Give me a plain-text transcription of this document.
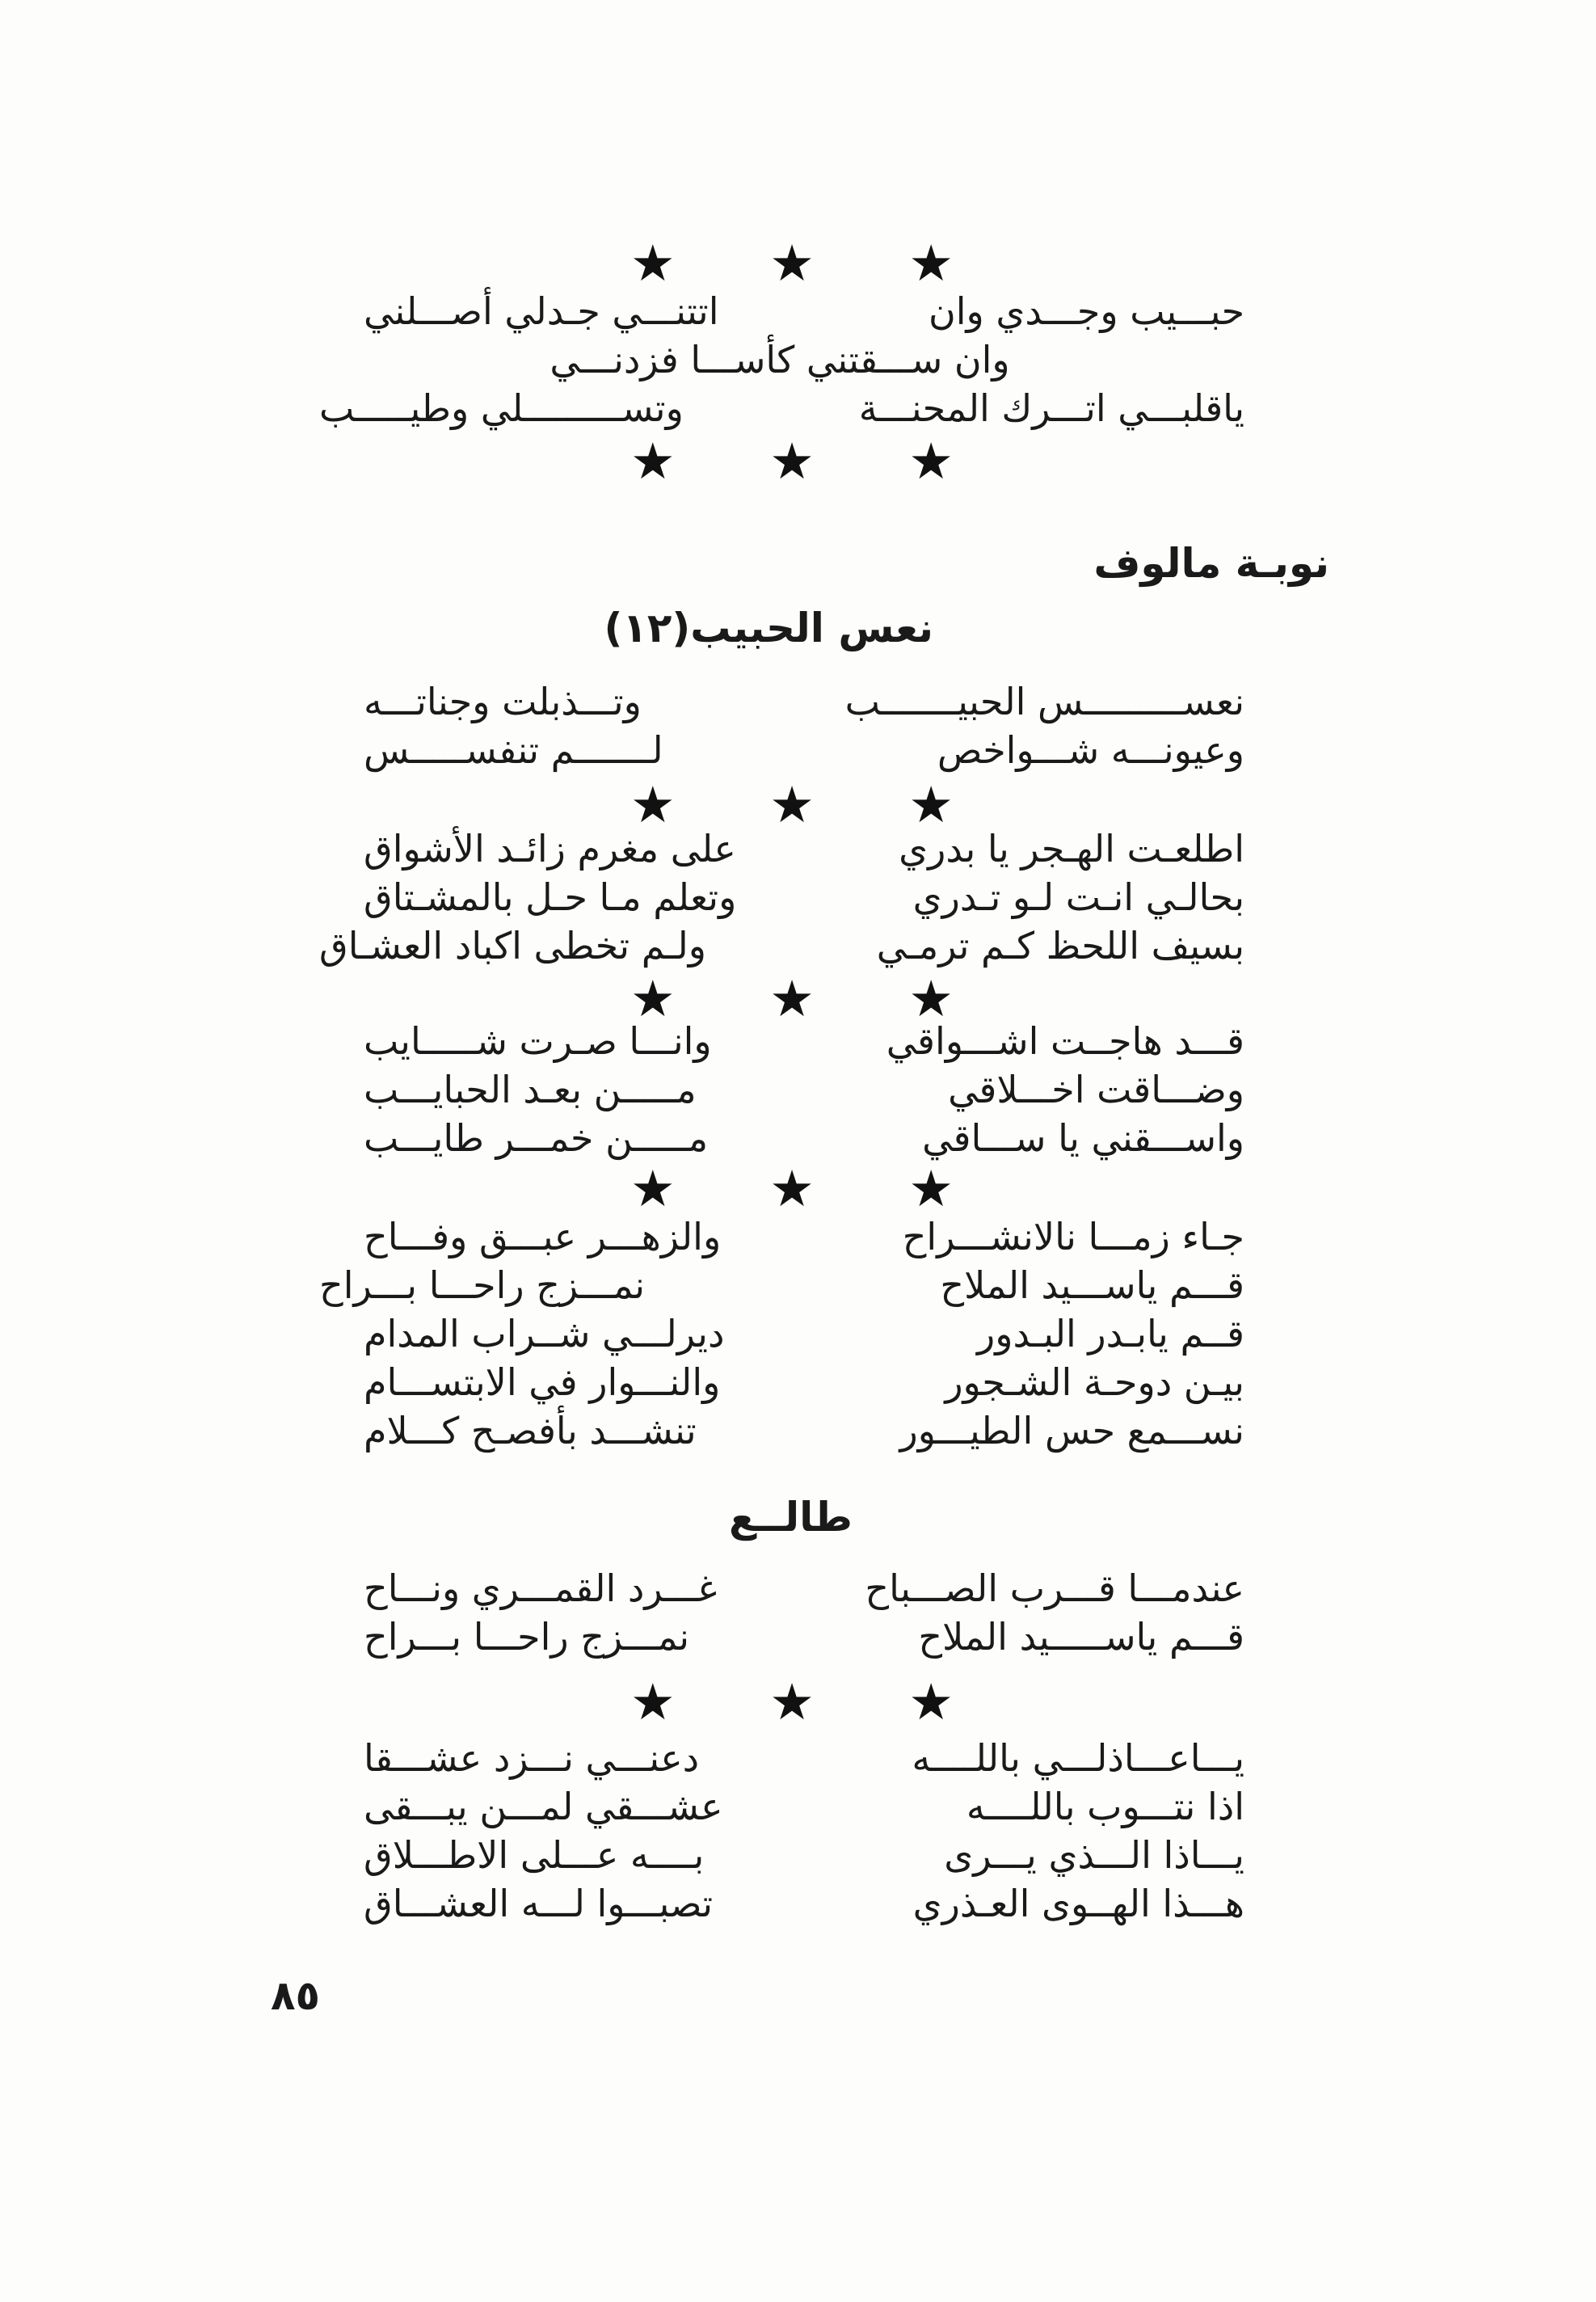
★ ★ ★
حبـــيب وجـــدي وان
اتتنـــي جـدلي أصـــلني
وان ســـقتني كأســـا فزدنـــي
ياقلبـــي اتـــرك المحنـــة
وتســـــــــلي وطيـــــب
★ ★ ★
نوبـة مالوف
نعس الحبيب(١٢)
نعســـــــــس الحبيـــــــب
وتـــذبلت وجناتـــه
وعيونـــه شـــواخص
لـــــــم تنفســـــس
★ ★ ★
اطلعـت الهـجر يا بدري
على مغرم زائـد الأشواق
بحالـي انـت لـو تـدري
وتعلم مـا حـل بالمشـتاق
بسيف اللحظ كـم ترمـي
ولـم تخطى اكباد العشـاق
★ ★ ★
قـــد هاجــت اشـــواقي
وانـــا صـرت شـــــايب
وضـــاقت اخـــلاقي
مـــــن بعـد الحبايـــب
واســـقني يا ســـاقي
مـــــن خمـــر طايـــب
★ ★ ★
جـاء زمـــا نالانشـــراح
والزهـــر عبـــق وفـــاح
قـــم ياســـيد الملاح
نمـــزج راحـــا بـــراح
قــم يابـدر البـدور
ديرلـــي شــراب المدام
بيـن دوحـة الشـجور
والنـــوار في الابتســـام
نســـمع حس الطيـــور
تنشـــد بأفصـح كـــلام
طالــع
عندمـــا قـــرب الصـــباح
غـــرد القمـــري ونـــاح
قـــم ياســـــيد الملاح
نمـــزج راحـــا بـــراح
★ ★ ★
يـــاعـــاذلـــي باللــــه
دعنـــي نـــزد عشـــقا
اذا نتـــوب باللــــه
عشـــقي لمـــن يبـــقى
يـــاذا الـــذي يـــرى
بــــه عـــلى الاطـــلاق
هـــذا الهــوى العـذري
تصبـــوا لـــه العشـــاق
٨٥
